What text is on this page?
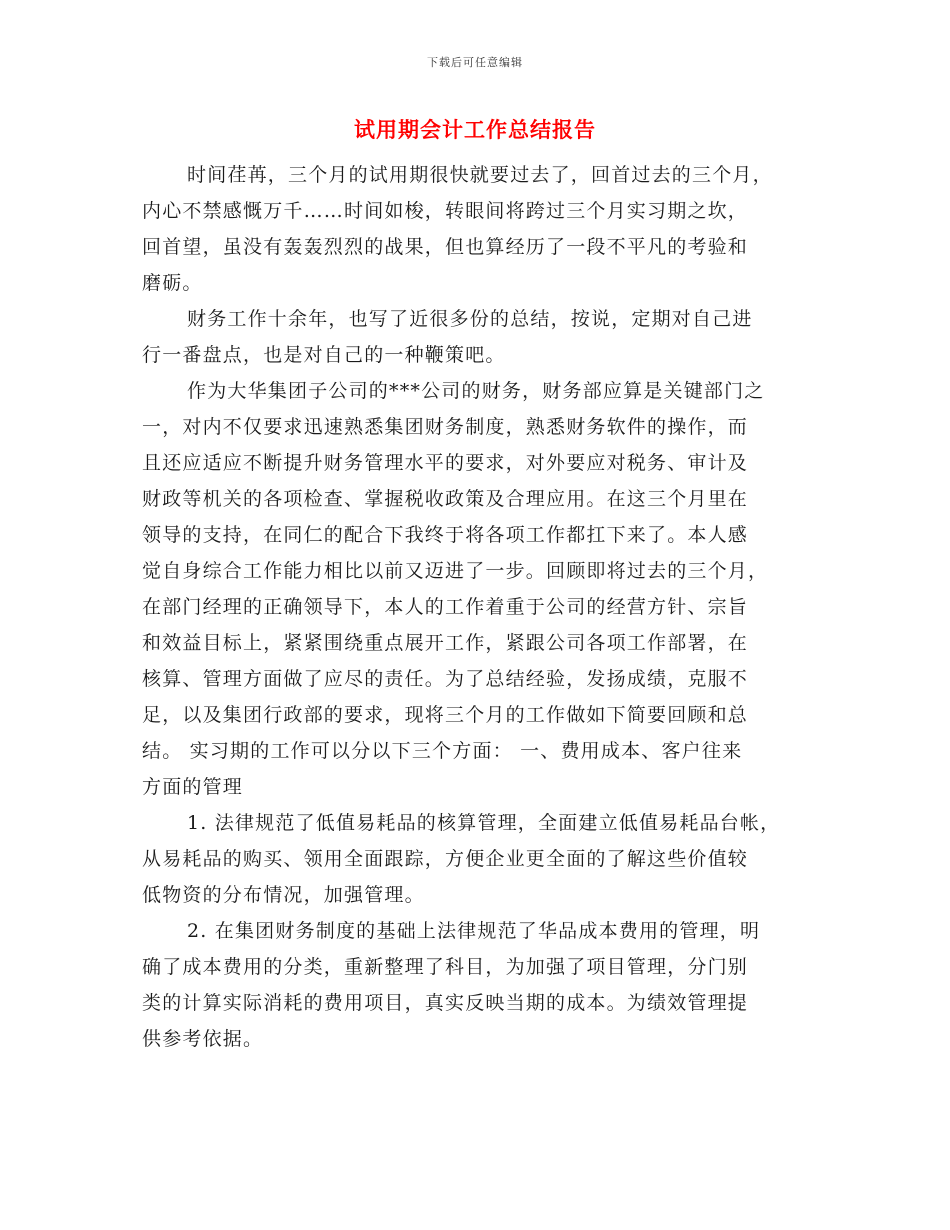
下载后可任意编辑
试用期会计工作总结报告
时间荏苒，三个月的试用期很快就要过去了，回首过去的三个月，
内心不禁感慨万千……时间如梭，转眼间将跨过三个月实习期之坎，
回首望，虽没有轰轰烈烈的战果，但也算经历了一段不平凡的考验和
磨砺。
财务工作十余年，也写了近很多份的总结，按说，定期对自己进
行一番盘点，也是对自己的一种鞭策吧。
作为大华集团子公司的***公司的财务，财务部应算是关键部门之
一，对内不仅要求迅速熟悉集团财务制度，熟悉财务软件的操作，而
且还应适应不断提升财务管理水平的要求，对外要应对税务、审计及
财政等机关的各项检查、掌握税收政策及合理应用。在这三个月里在
领导的支持，在同仁的配合下我终于将各项工作都扛下来了。本人感
觉自身综合工作能力相比以前又迈进了一步。回顾即将过去的三个月，
在部门经理的正确领导下，本人的工作着重于公司的经营方针、宗旨
和效益目标上，紧紧围绕重点展开工作，紧跟公司各项工作部署，在
核算、管理方面做了应尽的责任。为了总结经验，发扬成绩，克服不
足，以及集团行政部的要求，现将三个月的工作做如下简要回顾和总
结。 实习期的工作可以分以下三个方面： 一、费用成本、客户往来
方面的管理
1. 法律规范了低值易耗品的核算管理，全面建立低值易耗品台帐，
从易耗品的购买、领用全面跟踪，方便企业更全面的了解这些价值较
低物资的分布情况，加强管理。
2. 在集团财务制度的基础上法律规范了华品成本费用的管理，明
确了成本费用的分类，重新整理了科目，为加强了项目管理，分门别
类的计算实际消耗的费用项目，真实反映当期的成本。为绩效管理提
供参考依据。
